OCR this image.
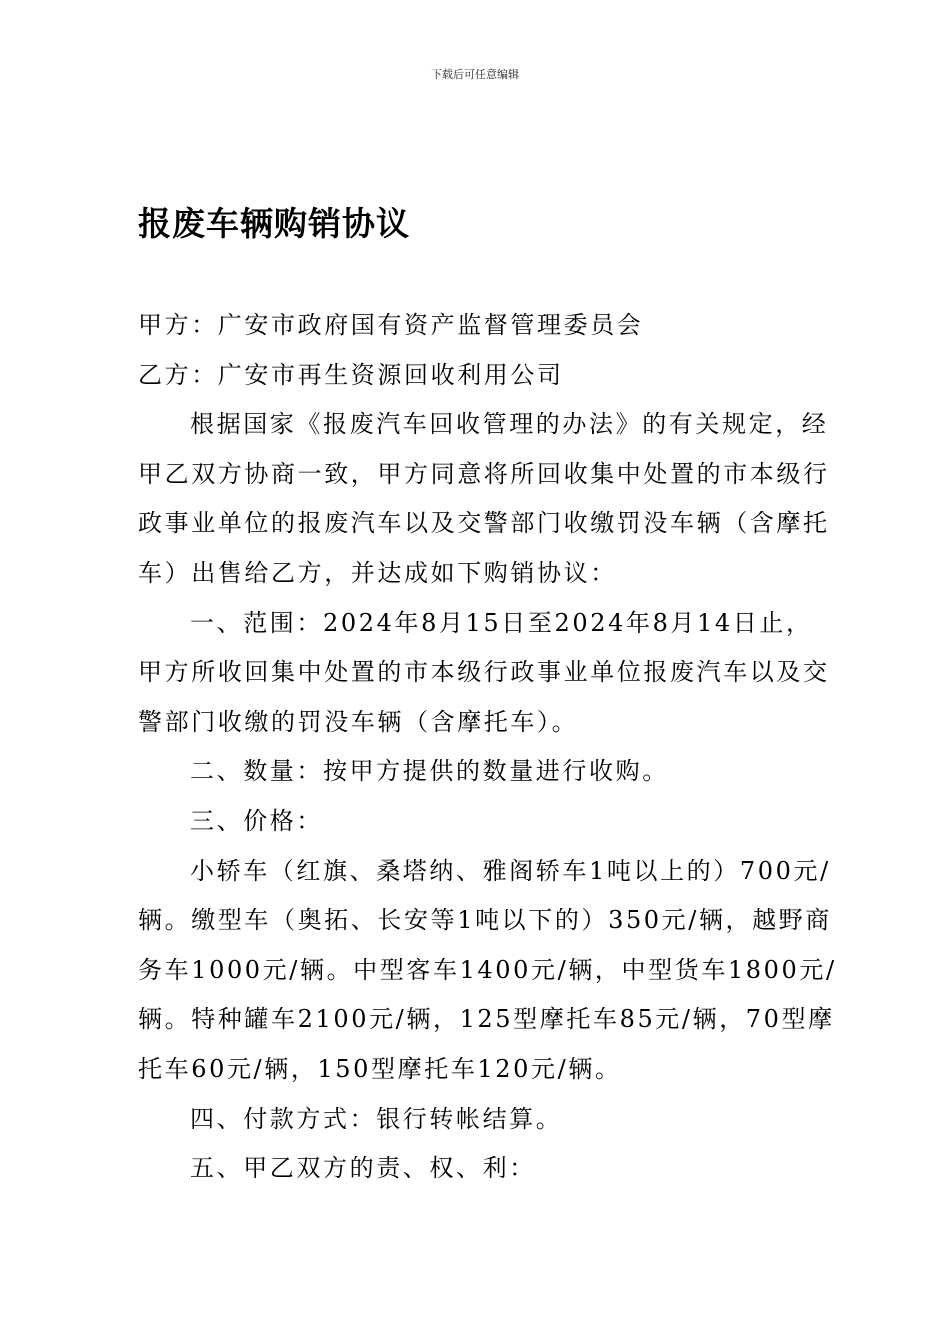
下载后可任意编辑
报废车辆购销协议

甲方：广安市政府国有资产监督管理委员会

乙方：广安市再生资源回收利用公司

根据国家《报废汽车回收管理的办法》的有关规定，经甲乙双方协商一致，甲方同意将所回收集中处置的市本级行政事业单位的报废汽车以及交警部门收缴罚没车辆（含摩托车）出售给乙方，并达成如下购销协议：

一、范围：2024年8月15日至2024年8月14日止，甲方所收回集中处置的市本级行政事业单位报废汽车以及交警部门收缴的罚没车辆（含摩托车）。

二、数量：按甲方提供的数量进行收购。

三、价格：

小轿车（红旗、桑塔纳、雅阁轿车1吨以上的）700元/辆。缴型车（奥拓、长安等1吨以下的）350元/辆，越野商务车1000元/辆。中型客车1400元/辆，中型货车1800元/辆。特种罐车2100元/辆，125型摩托车85元/辆，70型摩托车60元/辆，150型摩托车120元/辆。

四、付款方式：银行转帐结算。

五、甲乙双方的责、权、利：
